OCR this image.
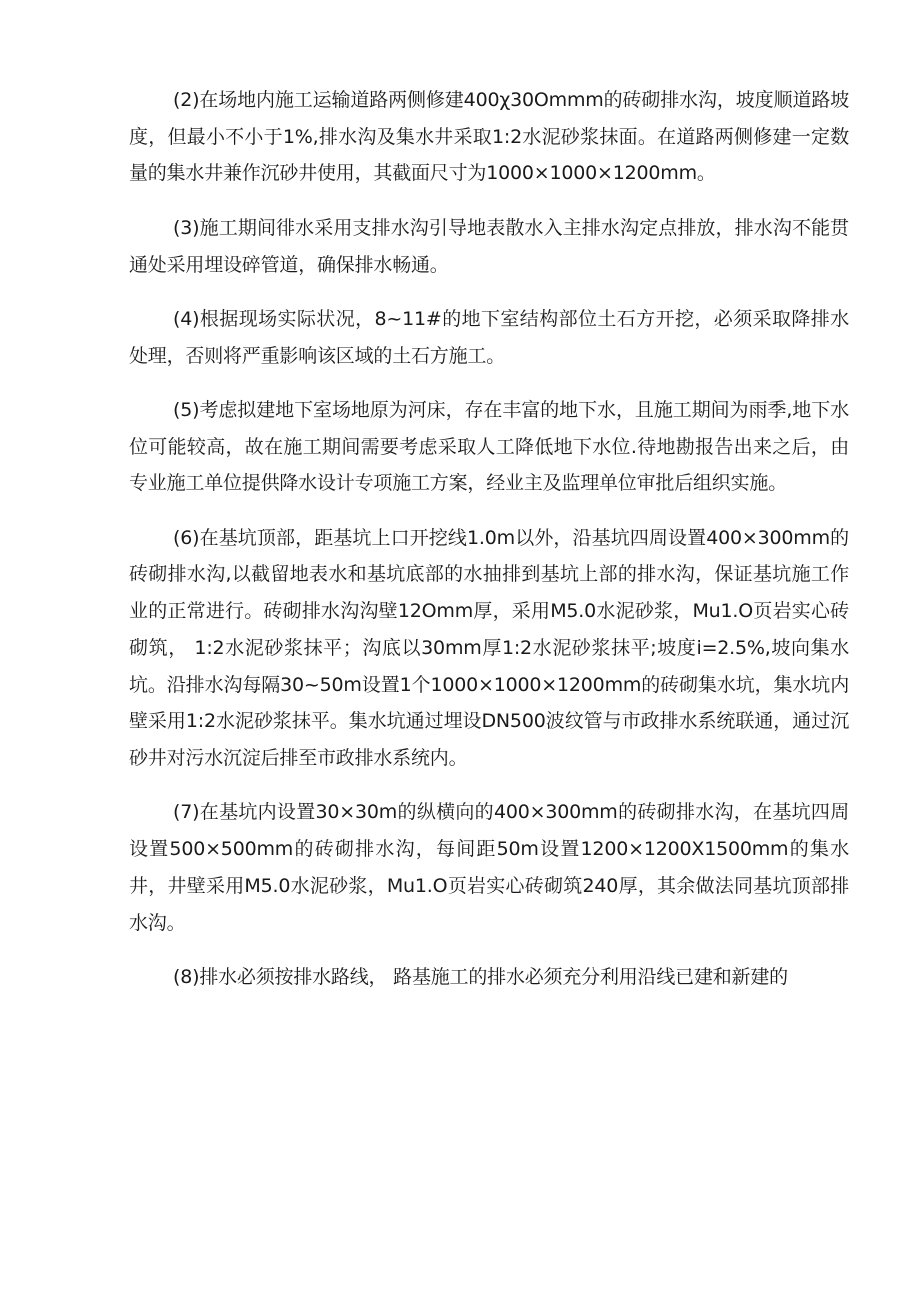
(2)在场地内施工运输道路两侧修建400χ30Ommm的砖砌排水沟，坡度顺道路坡度，但最小不小于1%,排水沟及集水井采取1:2水泥砂浆抹面。在道路两侧修建一定数量的集水井兼作沉砂井使用，其截面尺寸为1000×1000×1200mm。

(3)施工期间徘水采用支排水沟引导地表散水入主排水沟定点排放，排水沟不能贯通处采用埋设碎管道，确保排水畅通。

(4)根据现场实际状况，8~11#的地下室结构部位土石方开挖，必须采取降排水处理，否则将严重影响该区域的土石方施工。

(5)考虑拟建地下室场地原为河床，存在丰富的地下水，且施工期间为雨季,地下水位可能较高，故在施工期间需要考虑采取人工降低地下水位.待地勘报告出来之后，由专业施工单位提供降水设计专项施工方案，经业主及监理单位审批后组织实施。

(6)在基坑顶部，距基坑上口开挖线1.0m以外，沿基坑四周设置400×300mm的砖砌排水沟,以截留地表水和基坑底部的水抽排到基坑上部的排水沟，保证基坑施工作业的正常进行。砖砌排水沟沟壁12Omm厚，采用M5.0水泥砂浆，Mu1.O页岩实心砖砌筑， 1:2水泥砂浆抹平；沟底以30mm厚1:2水泥砂浆抹平;坡度i=2.5%,坡向集水坑。沿排水沟每隔30~50m设置1个1000×1000×1200mm的砖砌集水坑，集水坑内壁采用1:2水泥砂浆抹平。集水坑通过埋设DN500波纹管与市政排水系统联通，通过沉砂井对污水沉淀后排至市政排水系统内。

(7)在基坑内设置30×30m的纵横向的400×300mm的砖砌排水沟，在基坑四周设置500×500mm的砖砌排水沟，每间距50m设置1200×1200X1500mm的集水井，井壁采用M5.0水泥砂浆，Mu1.O页岩实心砖砌筑240厚，其余做法同基坑顶部排水沟。

(8)排水必须按排水路线， 路基施工的排水必须充分利用沿线已建和新建的
